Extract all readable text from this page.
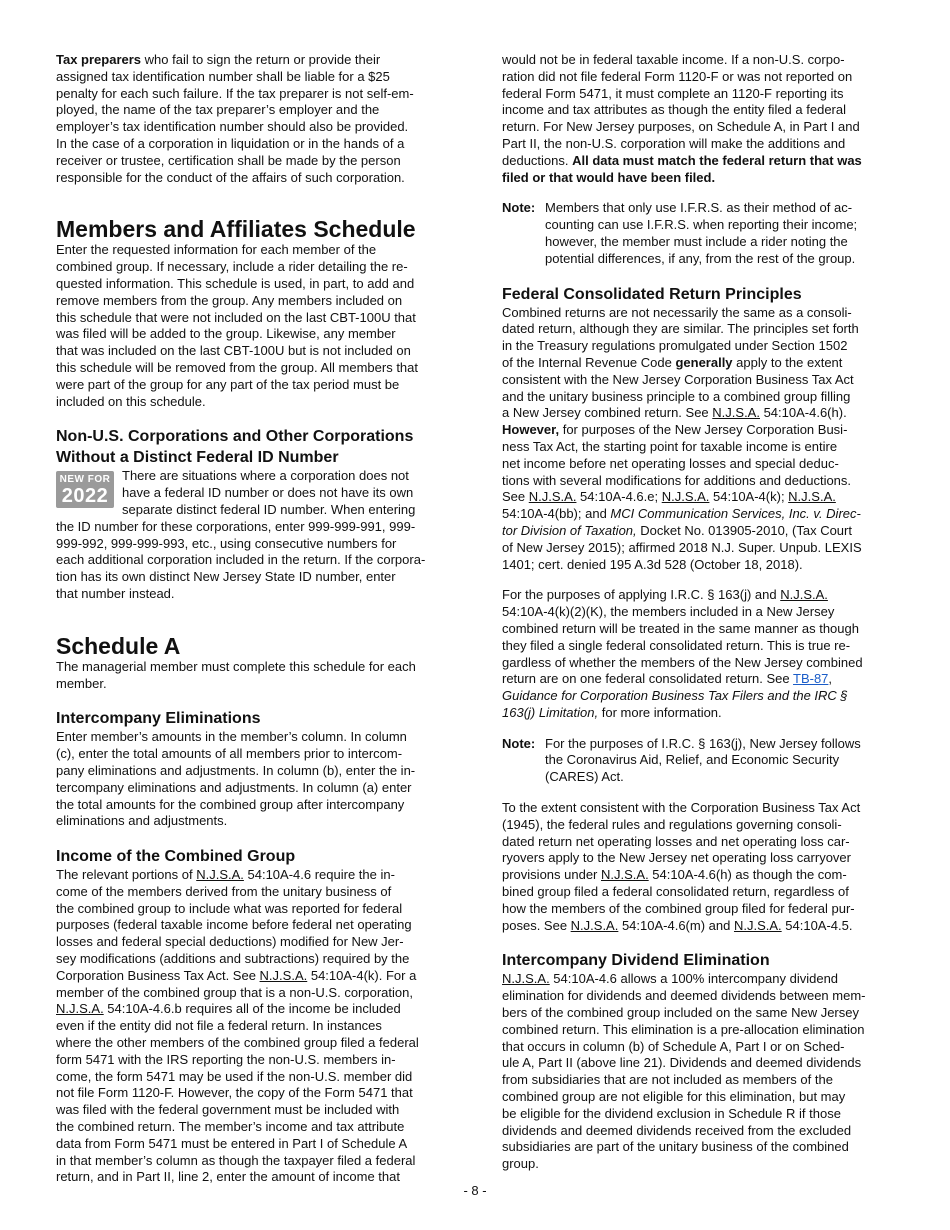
Tax preparers who fail to sign the return or provide their
assigned tax identification number shall be liable for a $25
penalty for each such failure. If the tax preparer is not self-em-
ployed, the name of the tax preparer’s employer and the
employer’s tax identification number should also be provided.
In the case of a corporation in liquidation or in the hands of a
receiver or trustee, certification shall be made by the person
responsible for the conduct of the affairs of such corporation.

Members and Affiliates Schedule

Enter the requested information for each member of the
combined group. If necessary, include a rider detailing the re-
quested information. This schedule is used, in part, to add and
remove members from the group. Any members included on
this schedule that were not included on the last CBT-100U that
was filed will be added to the group. Likewise, any member
that was included on the last CBT-100U but is not included on
this schedule will be removed from the group. All members that
were part of the group for any part of the tax period must be
included on this schedule.

Non-U.S. Corporations and Other Corporations
Without a Distinct Federal ID Number
NEW FOR
2022

There are situations where a corporation does not
have a federal ID number or does not have its own
separate distinct federal ID number. When entering
the ID number for these corporations, enter 999-999-991, 999-
999-992, 999-999-993, etc., using consecutive numbers for
each additional corporation included in the return. If the corpora-
tion has its own distinct New Jersey State ID number, enter
that number instead.

Schedule A

The managerial member must complete this schedule for each
member.

Intercompany Eliminations

Enter member’s amounts in the member’s column. In column
(c), enter the total amounts of all members prior to intercom-
pany eliminations and adjustments. In column (b), enter the in-
tercompany eliminations and adjustments. In column (a) enter
the total amounts for the combined group after intercompany
eliminations and adjustments.

Income of the Combined Group

The relevant portions of N.J.S.A. 54:10A-4.6 require the in-
come of the members derived from the unitary business of
the combined group to include what was reported for federal
purposes (federal taxable income before federal net operating
losses and federal special deductions) modified for New Jer-
sey modifications (additions and subtractions) required by the
Corporation Business Tax Act. See N.J.S.A. 54:10A-4(k). For a
member of the combined group that is a non-U.S. corporation,
N.J.S.A. 54:10A-4.6.b requires all of the income be included
even if the entity did not file a federal return. In instances
where the other members of the combined group filed a federal
form 5471 with the IRS reporting the non-U.S. members in-
come, the form 5471 may be used if the non-U.S. member did
not file Form 1120-F. However, the copy of the Form 5471 that
was filed with the federal government must be included with
the combined return. The member’s income and tax attribute
data from Form 5471 must be entered in Part I of Schedule A
in that member’s column as though the taxpayer filed a federal
return, and in Part II, line 2, enter the amount of income that

would not be in federal taxable income. If a non-U.S. corpo-
ration did not file federal Form 1120-F or was not reported on
federal Form 5471, it must complete an 1120-F reporting its
income and tax attributes as though the entity filed a federal
return. For New Jersey purposes, on Schedule A, in Part I and
Part II, the non-U.S. corporation will make the additions and
deductions. All data must match the federal return that was
filed or that would have been filed.

Note: Members that only use I.F.R.S. as their method of ac-
counting can use I.F.R.S. when reporting their income;
however, the member must include a rider noting the
potential differences, if any, from the rest of the group.
Federal Consolidated Return Principles

Combined returns are not necessarily the same as a consoli-
dated return, although they are similar. The principles set forth
in the Treasury regulations promulgated under Section 1502
of the Internal Revenue Code generally apply to the extent
consistent with the New Jersey Corporation Business Tax Act
and the unitary business principle to a combined group filling
a New Jersey combined return. See N.J.S.A. 54:10A-4.6(h).
However, for purposes of the New Jersey Corporation Busi-
ness Tax Act, the starting point for taxable income is entire
net income before net operating losses and special deduc-
tions with several modifications for additions and deductions.
See N.J.S.A. 54:10A-4.6.e; N.J.S.A. 54:10A-4(k); N.J.S.A.
54:10A-4(bb); and MCI Communication Services, Inc. v. Direc-
tor Division of Taxation, Docket No. 013905-2010, (Tax Court
of New Jersey 2015); affirmed 2018 N.J. Super. Unpub. LEXIS
1401; cert. denied 195 A.3d 528 (October 18, 2018).

For the purposes of applying I.R.C. § 163(j) and N.J.S.A.
54:10A-4(k)(2)(K), the members included in a New Jersey
combined return will be treated in the same manner as though
they filed a single federal consolidated return. This is true re-
gardless of whether the members of the New Jersey combined
return are on one federal consolidated return. See TB-87,
Guidance for Corporation Business Tax Filers and the IRC §
163(j) Limitation, for more information.

Note: For the purposes of I.R.C. § 163(j), New Jersey follows
the Coronavirus Aid, Relief, and Economic Security
(CARES) Act.

To the extent consistent with the Corporation Business Tax Act
(1945), the federal rules and regulations governing consoli-
dated return net operating losses and net operating loss car-
ryovers apply to the New Jersey net operating loss carryover
provisions under N.J.S.A. 54:10A-4.6(h) as though the com-
bined group filed a federal consolidated return, regardless of
how the members of the combined group filed for federal pur-
poses. See N.J.S.A. 54:10A-4.6(m) and N.J.S.A. 54:10A-4.5.

Intercompany Dividend Elimination

N.J.S.A. 54:10A-4.6 allows a 100% intercompany dividend
elimination for dividends and deemed dividends between mem-
bers of the combined group included on the same New Jersey
combined return. This elimination is a pre-allocation elimination
that occurs in column (b) of Schedule A, Part I or on Sched-
ule A, Part II (above line 21). Dividends and deemed dividends
from subsidiaries that are not included as members of the
combined group are not eligible for this elimination, but may
be eligible for the dividend exclusion in Schedule R if those
dividends and deemed dividends received from the excluded
subsidiaries are part of the unitary business of the combined
group.

- 8 -
